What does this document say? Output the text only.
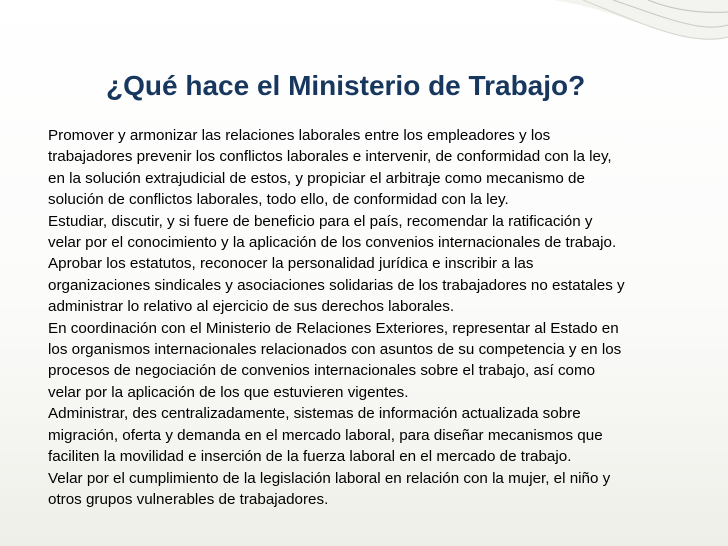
¿Qué hace el Ministerio de Trabajo?

Promover y armonizar las relaciones laborales entre los empleadores y los
trabajadores prevenir los conflictos laborales e intervenir, de conformidad con la ley,
en la solución extrajudicial de estos, y propiciar el arbitraje como mecanismo de
solución de conflictos laborales, todo ello, de conformidad con la ley.

Estudiar, discutir, y si fuere de beneficio para el país, recomendar la ratificación y
velar por el conocimiento y la aplicación de los convenios internacionales de trabajo.

Aprobar los estatutos, reconocer la personalidad jurídica e inscribir a las
organizaciones sindicales y asociaciones solidarias de los trabajadores no estatales y
administrar lo relativo al ejercicio de sus derechos laborales.

En coordinación con el Ministerio de Relaciones Exteriores, representar al Estado en
los organismos internacionales relacionados con asuntos de su competencia y en los
procesos de negociación de convenios internacionales sobre el trabajo, así como
velar por la aplicación de los que estuvieren vigentes.

Administrar, des centralizadamente, sistemas de información actualizada sobre
migración, oferta y demanda en el mercado laboral, para diseñar mecanismos que
faciliten la movilidad e inserción de la fuerza laboral en el mercado de trabajo.

Velar por el cumplimiento de la legislación laboral en relación con la mujer, el niño y
otros grupos vulnerables de trabajadores.
